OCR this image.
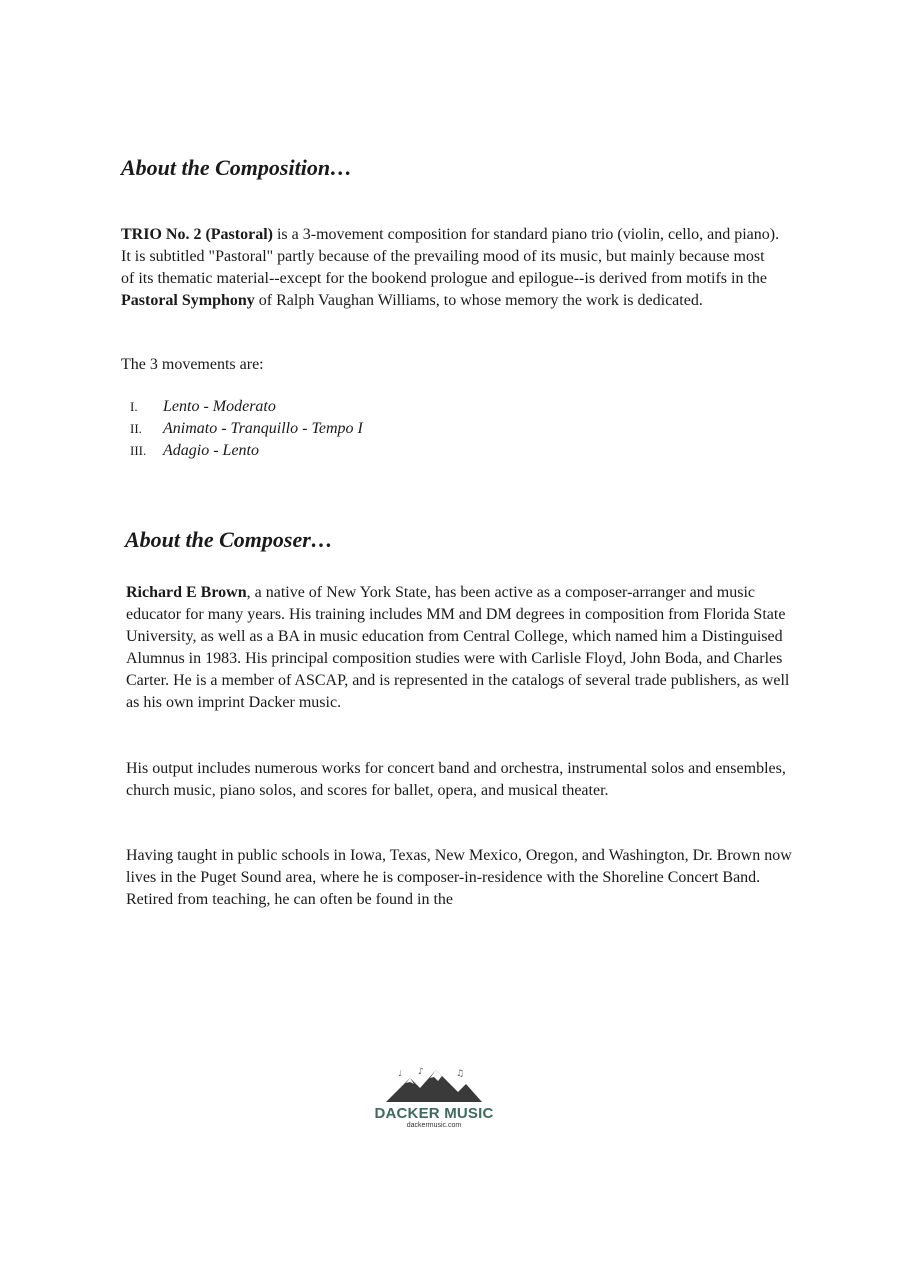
About the Composition…

TRIO No. 2 (Pastoral) is a 3-movement composition for standard piano trio (violin, cello, and piano). It is subtitled "Pastoral" partly because of the prevailing mood of its music, but mainly because most of its thematic material--except for the bookend prologue and epilogue--is derived from motifs in the Pastoral Symphony of Ralph Vaughan Williams, to whose memory the work is dedicated.

The 3 movements are:

I.	Lento - Moderato
II.	Animato - Tranquillo - Tempo I
III.	Adagio - Lento
About the Composer…

Richard E Brown, a native of New York State, has been active as a composer-arranger and music educator for many years. His training includes MM and DM degrees in composition from Florida State University, as well as a BA in music education from Central College, which named him a Distinguised Alumnus in 1983. His principal composition studies were with Carlisle Floyd, John Boda, and Charles Carter. He is a member of ASCAP, and is represented in the catalogs of several trade publishers, as well as his own imprint Dacker music.

His output includes numerous works for concert band and orchestra, instrumental solos and ensembles, church music, piano solos, and scores for ballet, opera, and musical theater.

Having taught in public schools in Iowa, Texas, New Mexico, Oregon, and Washington, Dr. Brown now lives in the Puget Sound area, where he is composer-in-residence with the Shoreline Concert Band. Retired from teaching, he can often be found in the

♪	♫
♩
DACKER MUSIC
dackermusic.com
